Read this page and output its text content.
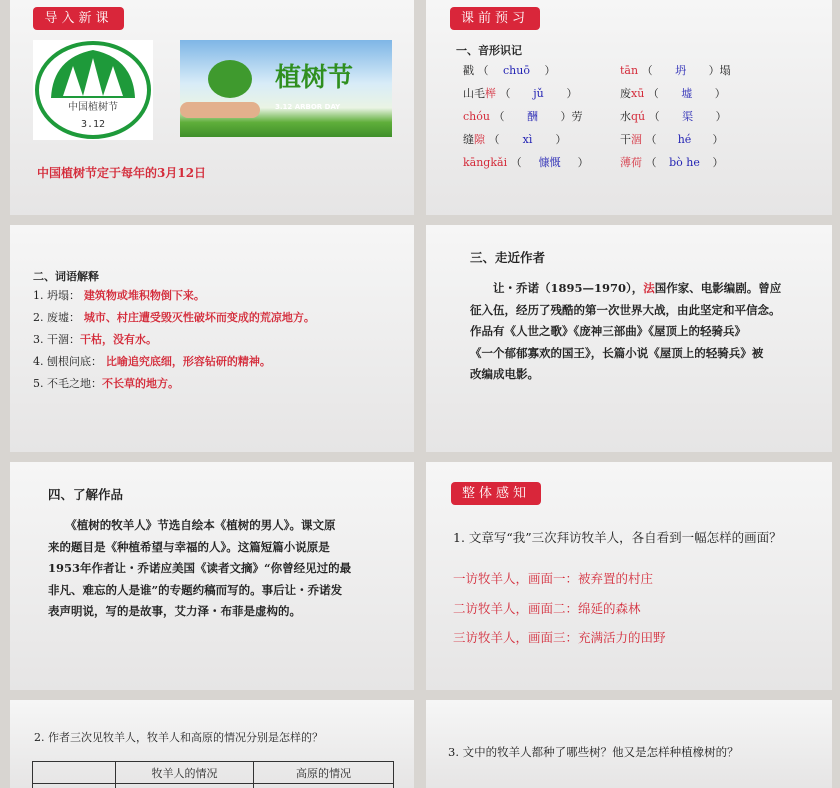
导入新课
中国植树节
3.12
植树节
3.12 ARBOR DAY
中国植树节定于每年的3月12日
课前预习
一、音形识记
戳 （ chuō ）
山毛榉 （ jǔ ）
chóu （ 酬 ）劳
缝隙 （ xì ）
kāngkǎi （ 慷慨 ）
tān （ 坍 ）塌
废xū （ 墟 ）
水qú （ 渠 ）
干涸 （ hé ）
薄荷 （ bò he ）
二、词语解释
1. 坍塌： 建筑物或堆积物倒下来。
2. 废墟： 城市、村庄遭受毁灭性破坏而变成的荒凉地方。
3. 干涸：干枯，没有水。
4. 刨根问底： 比喻追究底细，形容钻研的精神。
5. 不毛之地：不长草的地方。
三、走近作者
　　让・乔诺（1895—1970），法国作家、电影编剧。曾应
征入伍，经历了残酷的第一次世界大战，由此坚定和平信念。
作品有《人世之歌》《庞神三部曲》《屋顶上的轻骑兵》
《一个郁郁寡欢的国王》，长篇小说《屋顶上的轻骑兵》被
改编成电影。
四、了解作品
　　《植树的牧羊人》节选自绘本《植树的男人》。课文原
来的题目是《种植希望与幸福的人》。这篇短篇小说原是
1953年作者让・乔诺应美国《读者文摘》“你曾经见过的最
非凡、难忘的人是谁”的专题约稿而写的。事后让・乔诺发
表声明说，写的是故事，艾力泽・布菲是虚构的。
整体感知
1. 文章写“我”三次拜访牧羊人，各自看到一幅怎样的画面？
一访牧羊人，画面一：被弃置的村庄
二访牧羊人，画面二：绵延的森林
三访牧羊人，画面三：充满活力的田野
2. 作者三次见牧羊人，牧羊人和高原的情况分别是怎样的？
	牧羊人的情况	高原的情况

3. 文中的牧羊人都种了哪些树？他又是怎样种植橡树的？
